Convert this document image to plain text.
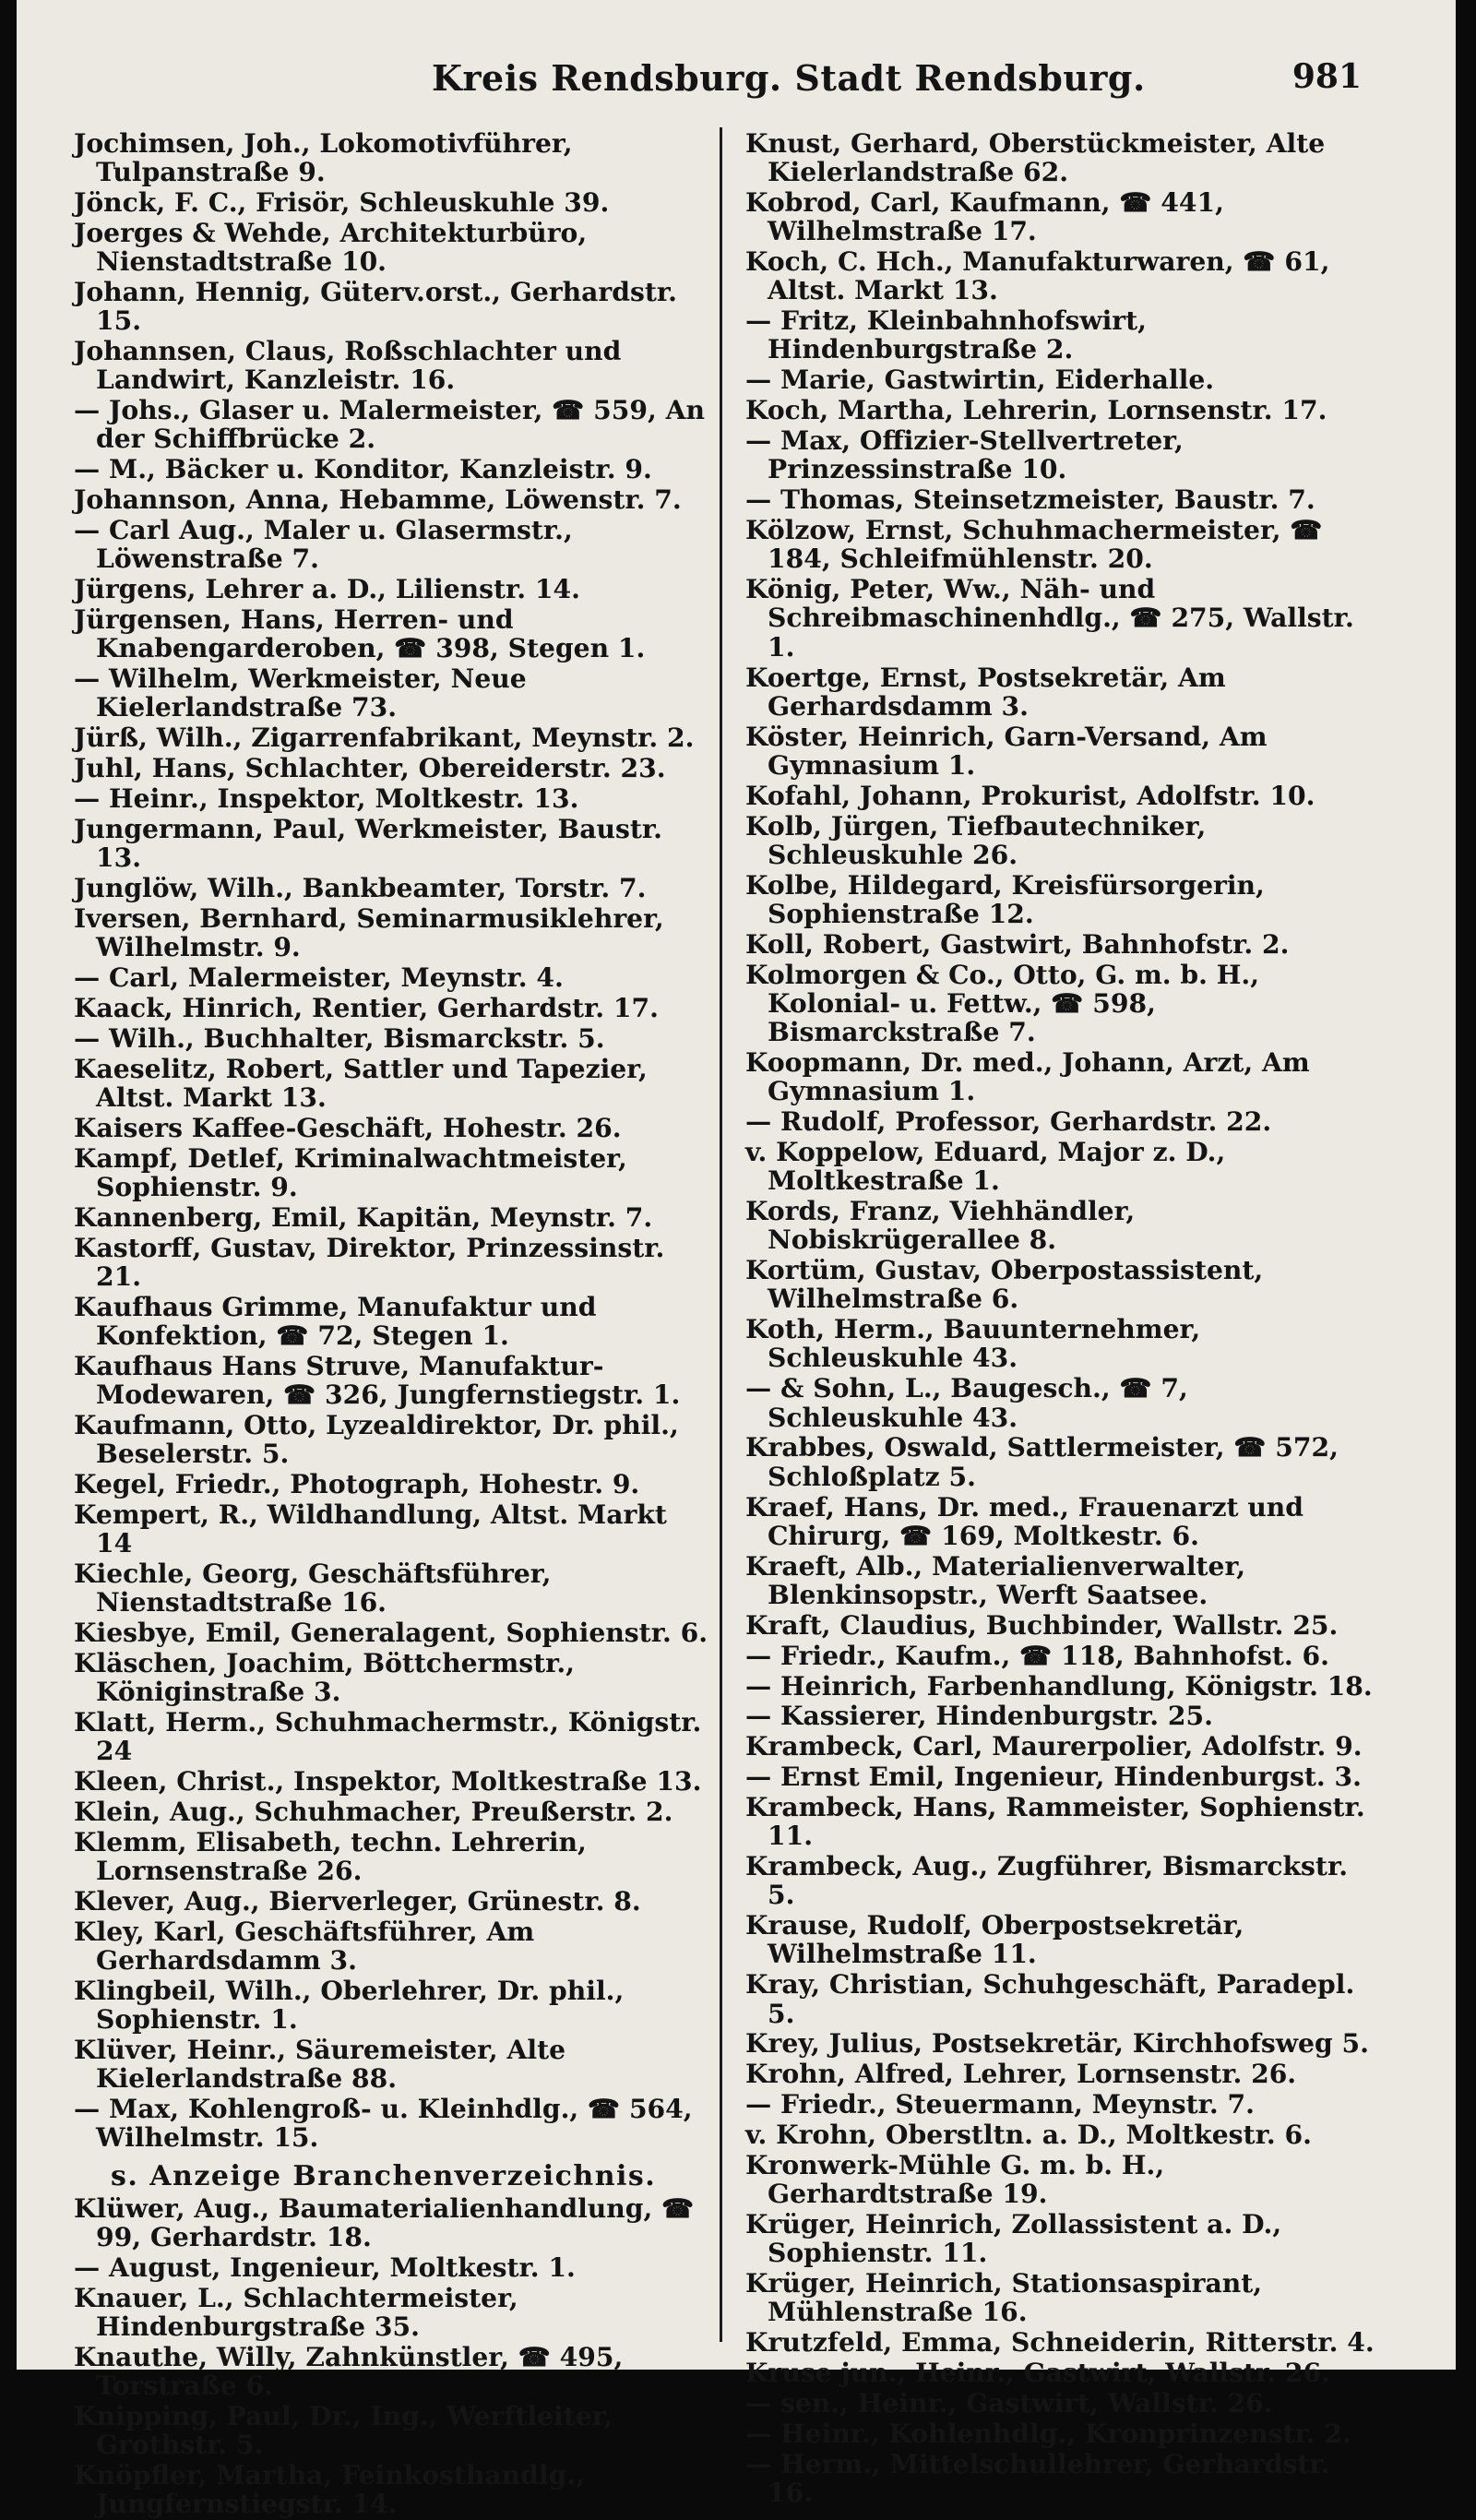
Kreis Rendsburg. Stadt Rendsburg.	981
Jochimsen, Joh., Lokomotivführer, Tulpanstraße 9.
Jönck, F. C., Frisör, Schleuskuhle 39.
Joerges & Wehde, Architekturbüro, Nienstadtstraße 10.
Johann, Hennig, Güterv.orst., Gerhardstr. 15.
Johannsen, Claus, Roßschlachter und Landwirt, Kanzleistr. 16.
— Johs., Glaser u. Malermeister, ☎ 559, An der Schiffbrücke 2.
— M., Bäcker u. Konditor, Kanzleistr. 9.
Johannson, Anna, Hebamme, Löwenstr. 7.
— Carl Aug., Maler u. Glasermstr., Löwenstraße 7.
Jürgens, Lehrer a. D., Lilienstr. 14.
Jürgensen, Hans, Herren- und Knabengarderoben, ☎ 398, Stegen 1.
— Wilhelm, Werkmeister, Neue Kielerlandstraße 73.
Jürß, Wilh., Zigarrenfabrikant, Meynstr. 2.
Juhl, Hans, Schlachter, Obereiderstr. 23.
— Heinr., Inspektor, Moltkestr. 13.
Jungermann, Paul, Werkmeister, Baustr. 13.
Junglöw, Wilh., Bankbeamter, Torstr. 7.
Iversen, Bernhard, Seminarmusiklehrer, Wilhelmstr. 9.
— Carl, Malermeister, Meynstr. 4.
Kaack, Hinrich, Rentier, Gerhardstr. 17.
— Wilh., Buchhalter, Bismarckstr. 5.
Kaeselitz, Robert, Sattler und Tapezier, Altst. Markt 13.
Kaisers Kaffee-Geschäft, Hohestr. 26.
Kampf, Detlef, Kriminalwachtmeister, Sophienstr. 9.
Kannenberg, Emil, Kapitän, Meynstr. 7.
Kastorff, Gustav, Direktor, Prinzessinstr. 21.
Kaufhaus Grimme, Manufaktur und Konfektion, ☎ 72, Stegen 1.
Kaufhaus Hans Struve, Manufaktur-Modewaren, ☎ 326, Jungfernstiegstr. 1.
Kaufmann, Otto, Lyzealdirektor, Dr. phil., Beselerstr. 5.
Kegel, Friedr., Photograph, Hohestr. 9.
Kempert, R., Wildhandlung, Altst. Markt 14
Kiechle, Georg, Geschäftsführer, Nienstadtstraße 16.
Kiesbye, Emil, Generalagent, Sophienstr. 6.
Kläschen, Joachim, Böttchermstr., Königinstraße 3.
Klatt, Herm., Schuhmachermstr., Königstr. 24
Kleen, Christ., Inspektor, Moltkestraße 13.
Klein, Aug., Schuhmacher, Preußerstr. 2.
Klemm, Elisabeth, techn. Lehrerin, Lornsenstraße 26.
Klever, Aug., Bierverleger, Grünestr. 8.
Kley, Karl, Geschäftsführer, Am Gerhardsdamm 3.
Klingbeil, Wilh., Oberlehrer, Dr. phil., Sophienstr. 1.
Klüver, Heinr., Säuremeister, Alte Kielerlandstraße 88.
— Max, Kohlengroß- u. Kleinhdlg., ☎ 564, Wilhelmstr. 15.
s. Anzeige Branchenverzeichnis.
Klüwer, Aug., Baumaterialienhandlung, ☎ 99, Gerhardstr. 18.
— August, Ingenieur, Moltkestr. 1.
Knauer, L., Schlachtermeister, Hindenburgstraße 35.
Knauthe, Willy, Zahnkünstler, ☎ 495, Torstraße 6.
Knipping, Paul, Dr., Ing., Werftleiter, Grothstr. 5.
Knöpfler, Martha, Feinkosthandlg., Jungfernstiegstr. 14.
Knust, Gerhard, Oberstückmeister, Alte Kielerlandstraße 62.
Kobrod, Carl, Kaufmann, ☎ 441, Wilhelmstraße 17.
Koch, C. Hch., Manufakturwaren, ☎ 61, Altst. Markt 13.
— Fritz, Kleinbahnhofswirt, Hindenburgstraße 2.
— Marie, Gastwirtin, Eiderhalle.
Koch, Martha, Lehrerin, Lornsenstr. 17.
— Max, Offizier-Stellvertreter, Prinzessinstraße 10.
— Thomas, Steinsetzmeister, Baustr. 7.
Kölzow, Ernst, Schuhmachermeister, ☎ 184, Schleifmühlenstr. 20.
König, Peter, Ww., Näh- und Schreibmaschinenhdlg., ☎ 275, Wallstr. 1.
Koertge, Ernst, Postsekretär, Am Gerhardsdamm 3.
Köster, Heinrich, Garn-Versand, Am Gymnasium 1.
Kofahl, Johann, Prokurist, Adolfstr. 10.
Kolb, Jürgen, Tiefbautechniker, Schleuskuhle 26.
Kolbe, Hildegard, Kreisfürsorgerin, Sophienstraße 12.
Koll, Robert, Gastwirt, Bahnhofstr. 2.
Kolmorgen & Co., Otto, G. m. b. H., Kolonial- u. Fettw., ☎ 598, Bismarckstraße 7.
Koopmann, Dr. med., Johann, Arzt, Am Gymnasium 1.
— Rudolf, Professor, Gerhardstr. 22.
v. Koppelow, Eduard, Major z. D., Moltkestraße 1.
Kords, Franz, Viehhändler, Nobiskrügerallee 8.
Kortüm, Gustav, Oberpostassistent, Wilhelmstraße 6.
Koth, Herm., Bauunternehmer, Schleuskuhle 43.
— & Sohn, L., Baugesch., ☎ 7, Schleuskuhle 43.
Krabbes, Oswald, Sattlermeister, ☎ 572, Schloßplatz 5.
Kraef, Hans, Dr. med., Frauenarzt und Chirurg, ☎ 169, Moltkestr. 6.
Kraeft, Alb., Materialienverwalter, Blenkinsopstr., Werft Saatsee.
Kraft, Claudius, Buchbinder, Wallstr. 25.
— Friedr., Kaufm., ☎ 118, Bahnhofst. 6.
— Heinrich, Farbenhandlung, Königstr. 18.
— Kassierer, Hindenburgstr. 25.
Krambeck, Carl, Maurerpolier, Adolfstr. 9.
— Ernst Emil, Ingenieur, Hindenburgst. 3.
Krambeck, Hans, Rammeister, Sophienstr. 11.
Krambeck, Aug., Zugführer, Bismarckstr. 5.
Krause, Rudolf, Oberpostsekretär, Wilhelmstraße 11.
Kray, Christian, Schuhgeschäft, Paradepl. 5.
Krey, Julius, Postsekretär, Kirchhofsweg 5.
Krohn, Alfred, Lehrer, Lornsenstr. 26.
— Friedr., Steuermann, Meynstr. 7.
v. Krohn, Oberstltn. a. D., Moltkestr. 6.
Kronwerk-Mühle G. m. b. H., Gerhardtstraße 19.
Krüger, Heinrich, Zollassistent a. D., Sophienstr. 11.
Krüger, Heinrich, Stationsaspirant, Mühlenstraße 16.
Krutzfeld, Emma, Schneiderin, Ritterstr. 4.
Kruse jun., Heinr., Gastwirt, Wallstr. 26.
— sen., Heinr., Gastwirt, Wallstr. 26.
— Heinr., Kohlenhdlg., Kronprinzenstr. 2.
— Herm., Mittelschullehrer, Gerhardstr. 16.
